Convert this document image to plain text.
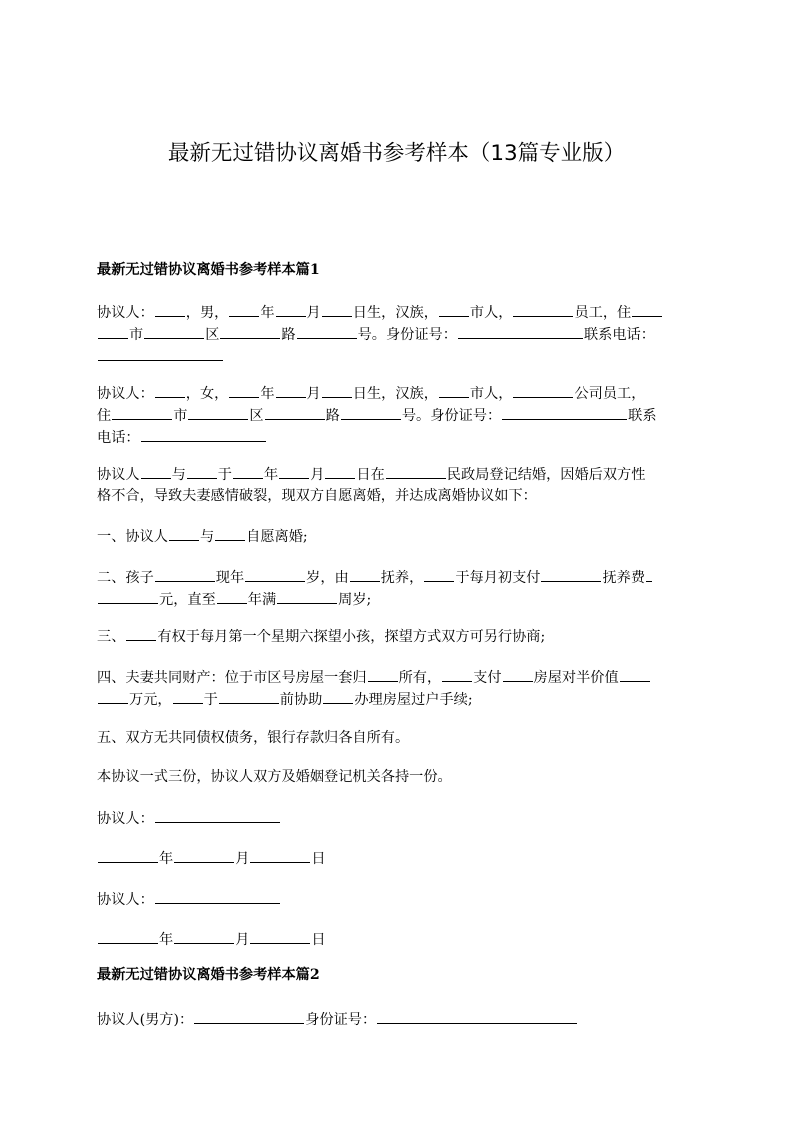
最新无过错协议离婚书参考样本（13篇专业版）
最新无过错协议离婚书参考样本篇1
协议人： ，男， 年 月 日生，汉族， 市人，	员工，住
市	区	路	号。身份证号：	联系电话：

协议人： ，女， 年 月 日生，汉族， 市人，	公司员工，
住	市	区	路	号。身份证号：	联系
电话：
协议人 与 于 年 月 日在	民政局登记结婚，因婚后双方性
格不合，导致夫妻感情破裂，现双方自愿离婚，并达成离婚协议如下：
一、协议人 与 自愿离婚;
二、孩子	现年	岁，由 抚养， 于每月初支付	抚养费
元，直至 年满	周岁;
三、 有权于每月第一个星期六探望小孩，探望方式双方可另行协商;
四、夫妻共同财产：位于市区号房屋一套归 所有， 支付 房屋对半价值
万元， 于	前协助 办理房屋过户手续;
五、双方无共同债权债务，银行存款归各自所有。
本协议一式三份，协议人双方及婚姻登记机关各持一份。
协议人：
年	月	日
协议人：
年	月	日
最新无过错协议离婚书参考样本篇2
协议人(男方)：	身份证号：
